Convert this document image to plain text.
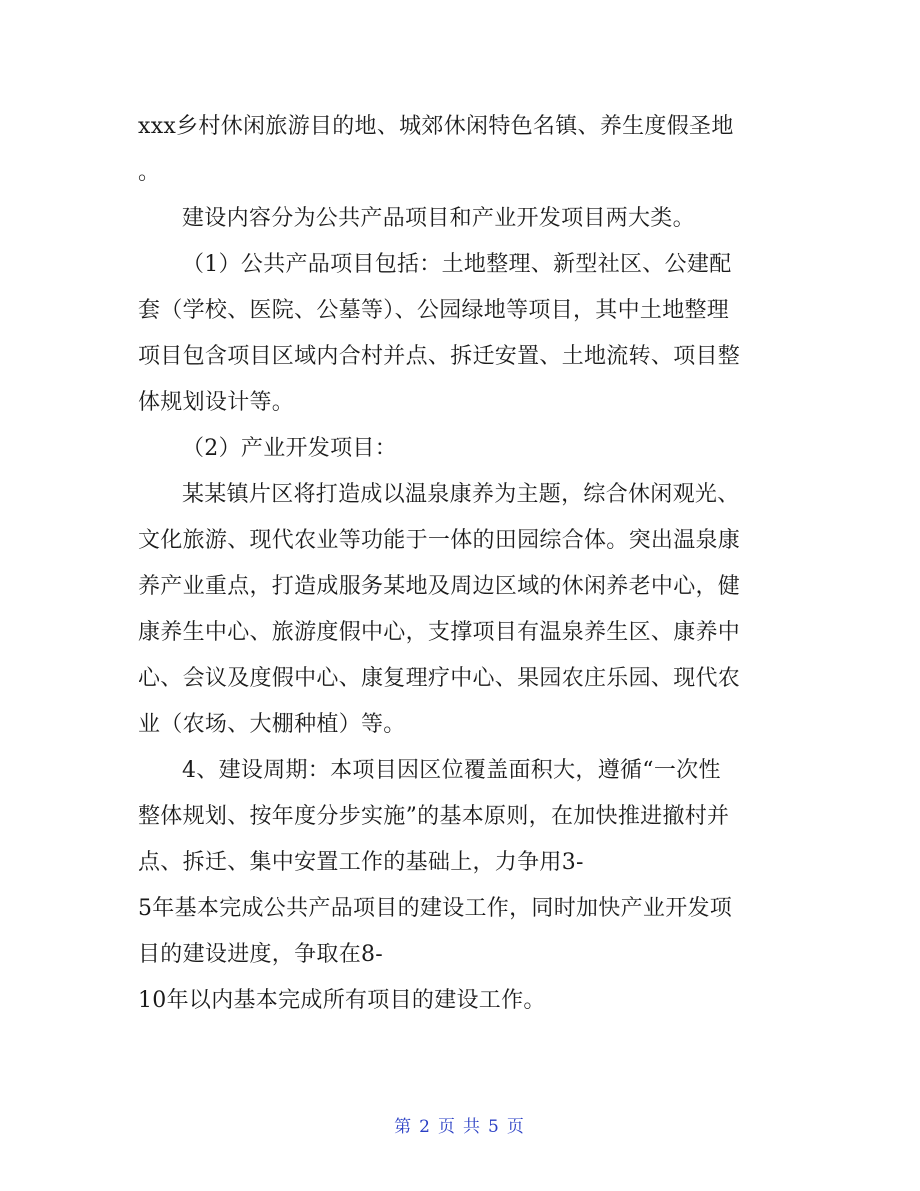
xxx乡村休闲旅游目的地、城郊休闲特色名镇、养生度假圣地
。
建设内容分为公共产品项目和产业开发项目两大类。
（1）公共产品项目包括：土地整理、新型社区、公建配
套（学校、医院、公墓等）、公园绿地等项目，其中土地整理
项目包含项目区域内合村并点、拆迁安置、土地流转、项目整
体规划设计等。
（2）产业开发项目：
某某镇片区将打造成以温泉康养为主题，综合休闲观光、
文化旅游、现代农业等功能于一体的田园综合体。突出温泉康
养产业重点，打造成服务某地及周边区域的休闲养老中心，健
康养生中心、旅游度假中心，支撑项目有温泉养生区、康养中
心、会议及度假中心、康复理疗中心、果园农庄乐园、现代农
业（农场、大棚种植）等。
4、建设周期：本项目因区位覆盖面积大，遵循“一次性
整体规划、按年度分步实施”的基本原则，在加快推进撤村并
点、拆迁、集中安置工作的基础上，力争用3-
5年基本完成公共产品项目的建设工作，同时加快产业开发项
目的建设进度，争取在8-
10年以内基本完成所有项目的建设工作。
第 2 页 共 5 页
